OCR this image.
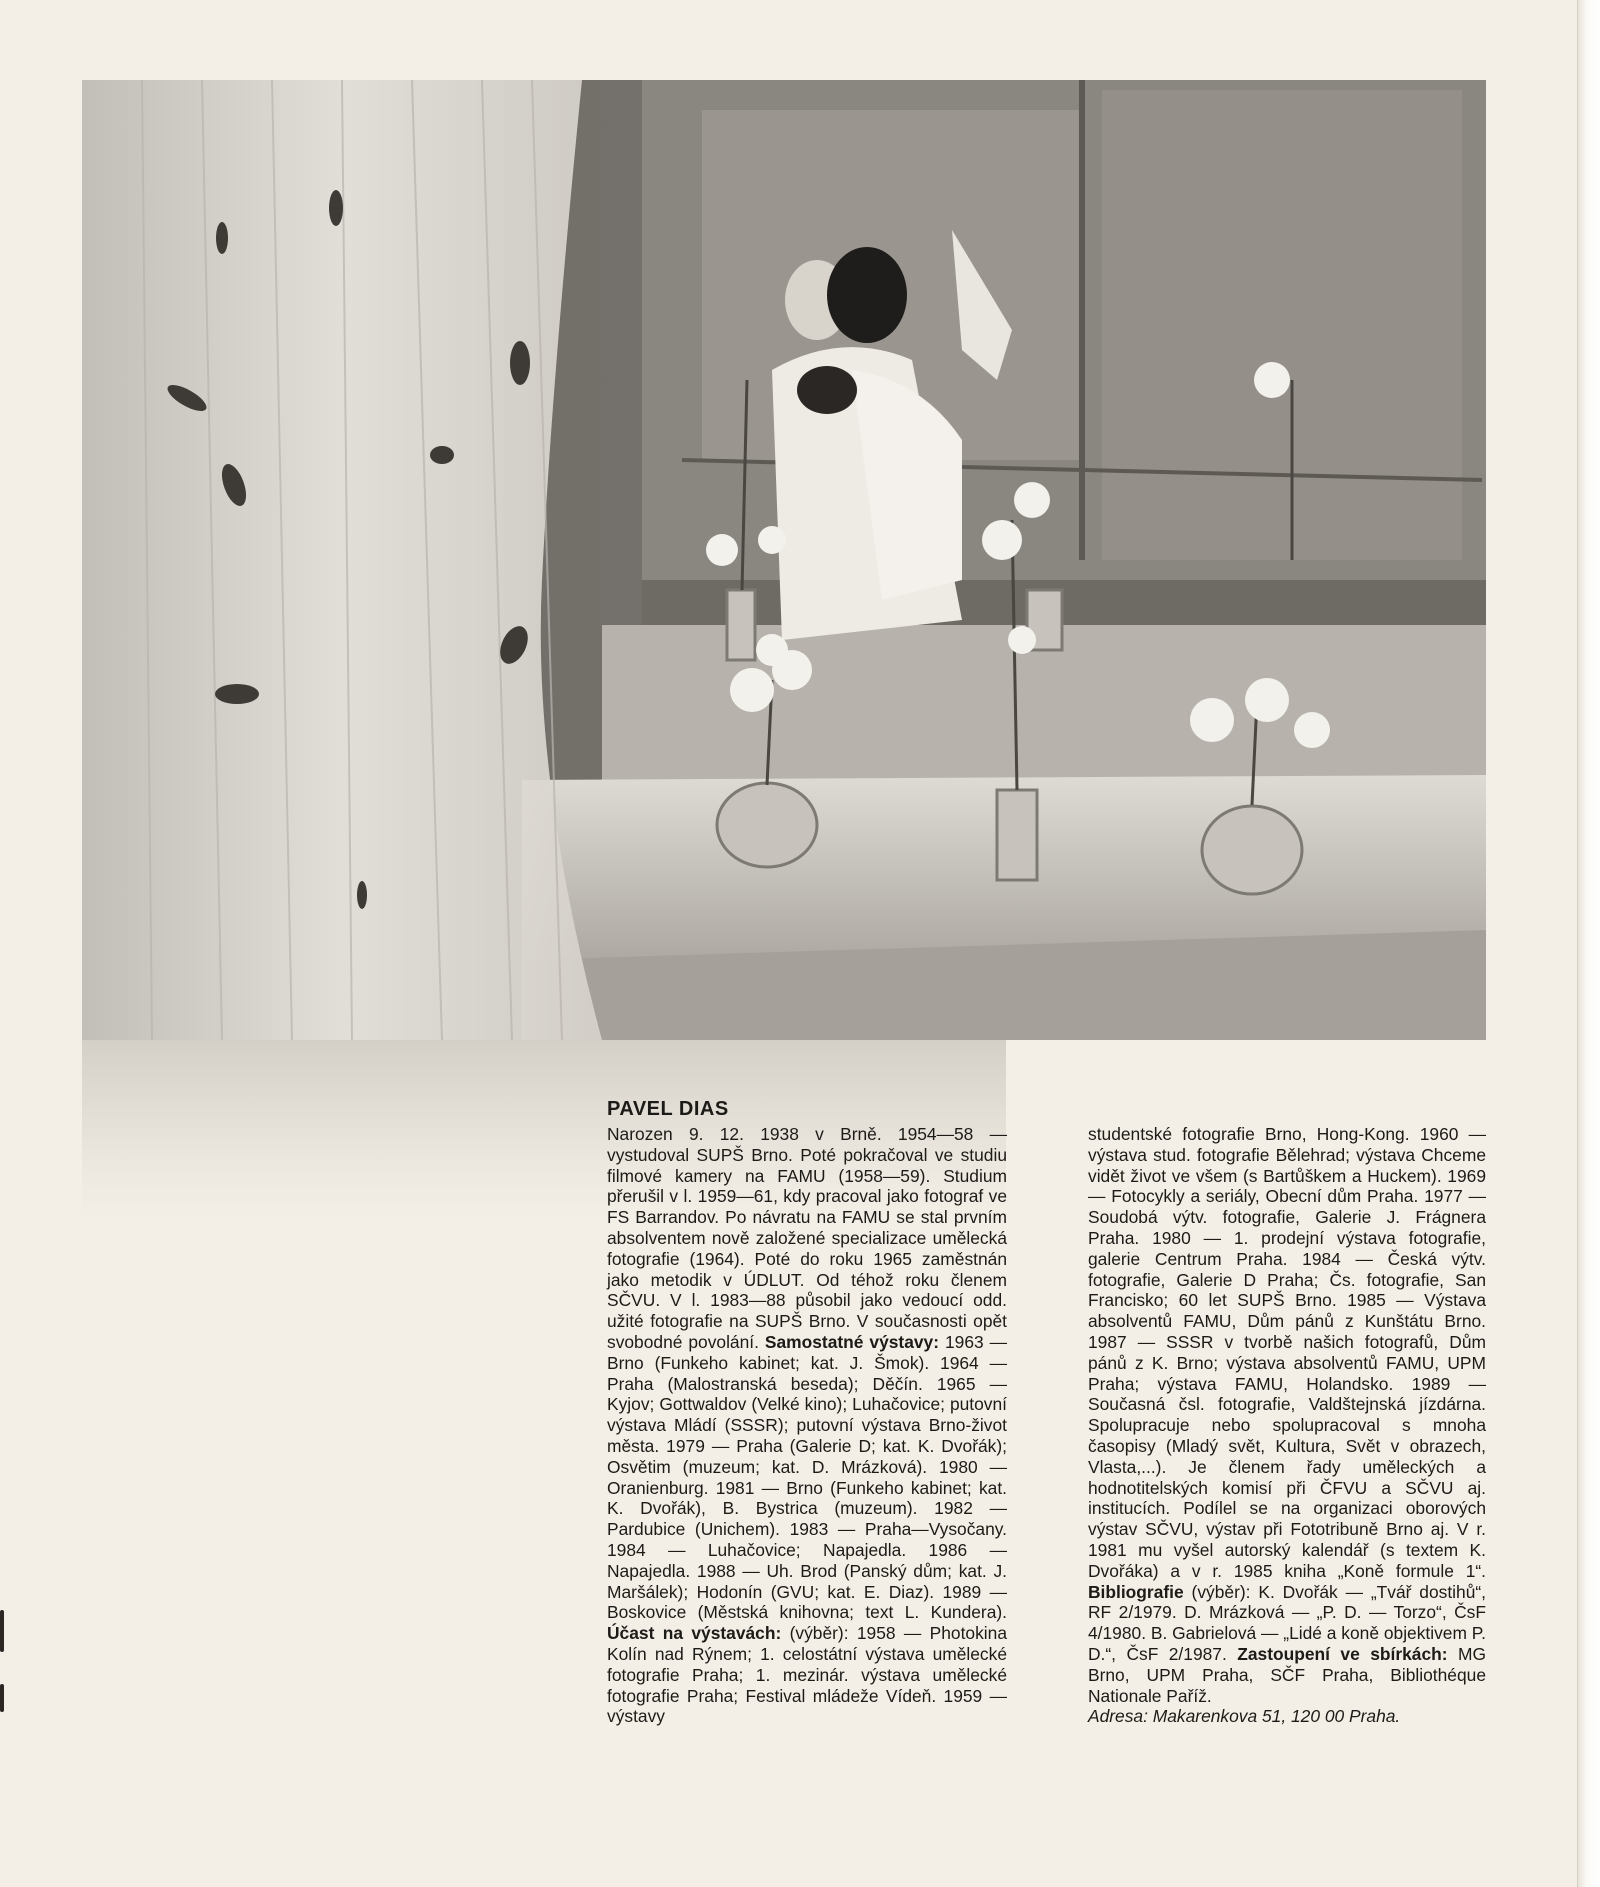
PAVEL DIAS
Narozen 9. 12. 1938 v Brně. 1954—58 — vystudoval SUPŠ Brno. Poté pokračoval ve studiu filmové kamery na FAMU (1958—59). Studium přerušil v l. 1959—61, kdy pracoval jako fotograf ve FS Barrandov. Po návratu na FAMU se stal prvním absolventem nově založené specializace umělecká fotografie (1964). Poté do roku 1965 zaměstnán jako metodik v ÚDLUT. Od téhož roku členem SČVU. V l. 1983—88 působil jako vedoucí odd. užité fotografie na SUPŠ Brno. V současnosti opět svobodné povolání. Samostatné výstavy: 1963 — Brno (Funkeho kabinet; kat. J. Šmok). 1964 — Praha (Malostranská beseda); Děčín. 1965 — Kyjov; Gottwaldov (Velké kino); Luhačovice; putovní výstava Mládí (SSSR); putovní výstava Brno-život města. 1979 — Praha (Galerie D; kat. K. Dvořák); Osvětim (muzeum; kat. D. Mrázková). 1980 — Oranienburg. 1981 — Brno (Funkeho kabinet; kat. K. Dvořák), B. Bystrica (muzeum). 1982 — Pardubice (Unichem). 1983 — Praha—Vysočany. 1984 — Luhačovice; Napajedla. 1986 — Napajedla. 1988 — Uh. Brod (Panský dům; kat. J. Maršálek); Hodonín (GVU; kat. E. Diaz). 1989 — Boskovice (Městská knihovna; text L. Kundera). Účast na výstavách: (výběr): 1958 — Photokina Kolín nad Rýnem; 1. celostátní výstava umělecké fotografie Praha; 1. mezinár. výstava umělecké fotografie Praha; Festival mládeže Vídeň. 1959 — výstavy
studentské fotografie Brno, Hong-Kong. 1960 — výstava stud. fotografie Bělehrad; výstava Chceme vidět život ve všem (s Bartůškem a Huckem). 1969 — Fotocykly a seriály, Obecní dům Praha. 1977 — Soudobá výtv. fotografie, Galerie J. Frágnera Praha. 1980 — 1. prodejní výstava fotografie, galerie Centrum Praha. 1984 — Česká výtv. fotografie, Galerie D Praha; Čs. fotografie, San Francisko; 60 let SUPŠ Brno. 1985 — Výstava absolventů FAMU, Dům pánů z Kunštátu Brno. 1987 — SSSR v tvorbě našich fotografů, Dům pánů z K. Brno; výstava absolventů FAMU, UPM Praha; výstava FAMU, Holandsko. 1989 — Současná čsl. fotografie, Valdštejnská jízdárna. Spolupracuje nebo spolupracoval s mnoha časopisy (Mladý svět, Kultura, Svět v obrazech, Vlasta,...). Je členem řady uměleckých a hodnotitelských komisí při ČFVU a SČVU aj. institucích. Podílel se na organizaci oborových výstav SČVU, výstav při Fototribuně Brno aj. V r. 1981 mu vyšel autorský kalendář (s textem K. Dvořáka) a v r. 1985 kniha „Koně formule 1“. Bibliografie (výběr): K. Dvořák — „Tvář dostihů“, RF 2/1979. D. Mrázková — „P. D. — Torzo“, ČsF 4/1980. B. Gabrielová — „Lidé a koně objektivem P. D.“, ČsF 2/1987. Zastoupení ve sbírkách: MG Brno, UPM Praha, SČF Praha, Bibliothéque Nationale Paříž.
Adresa: Makarenkova 51, 120 00 Praha.
